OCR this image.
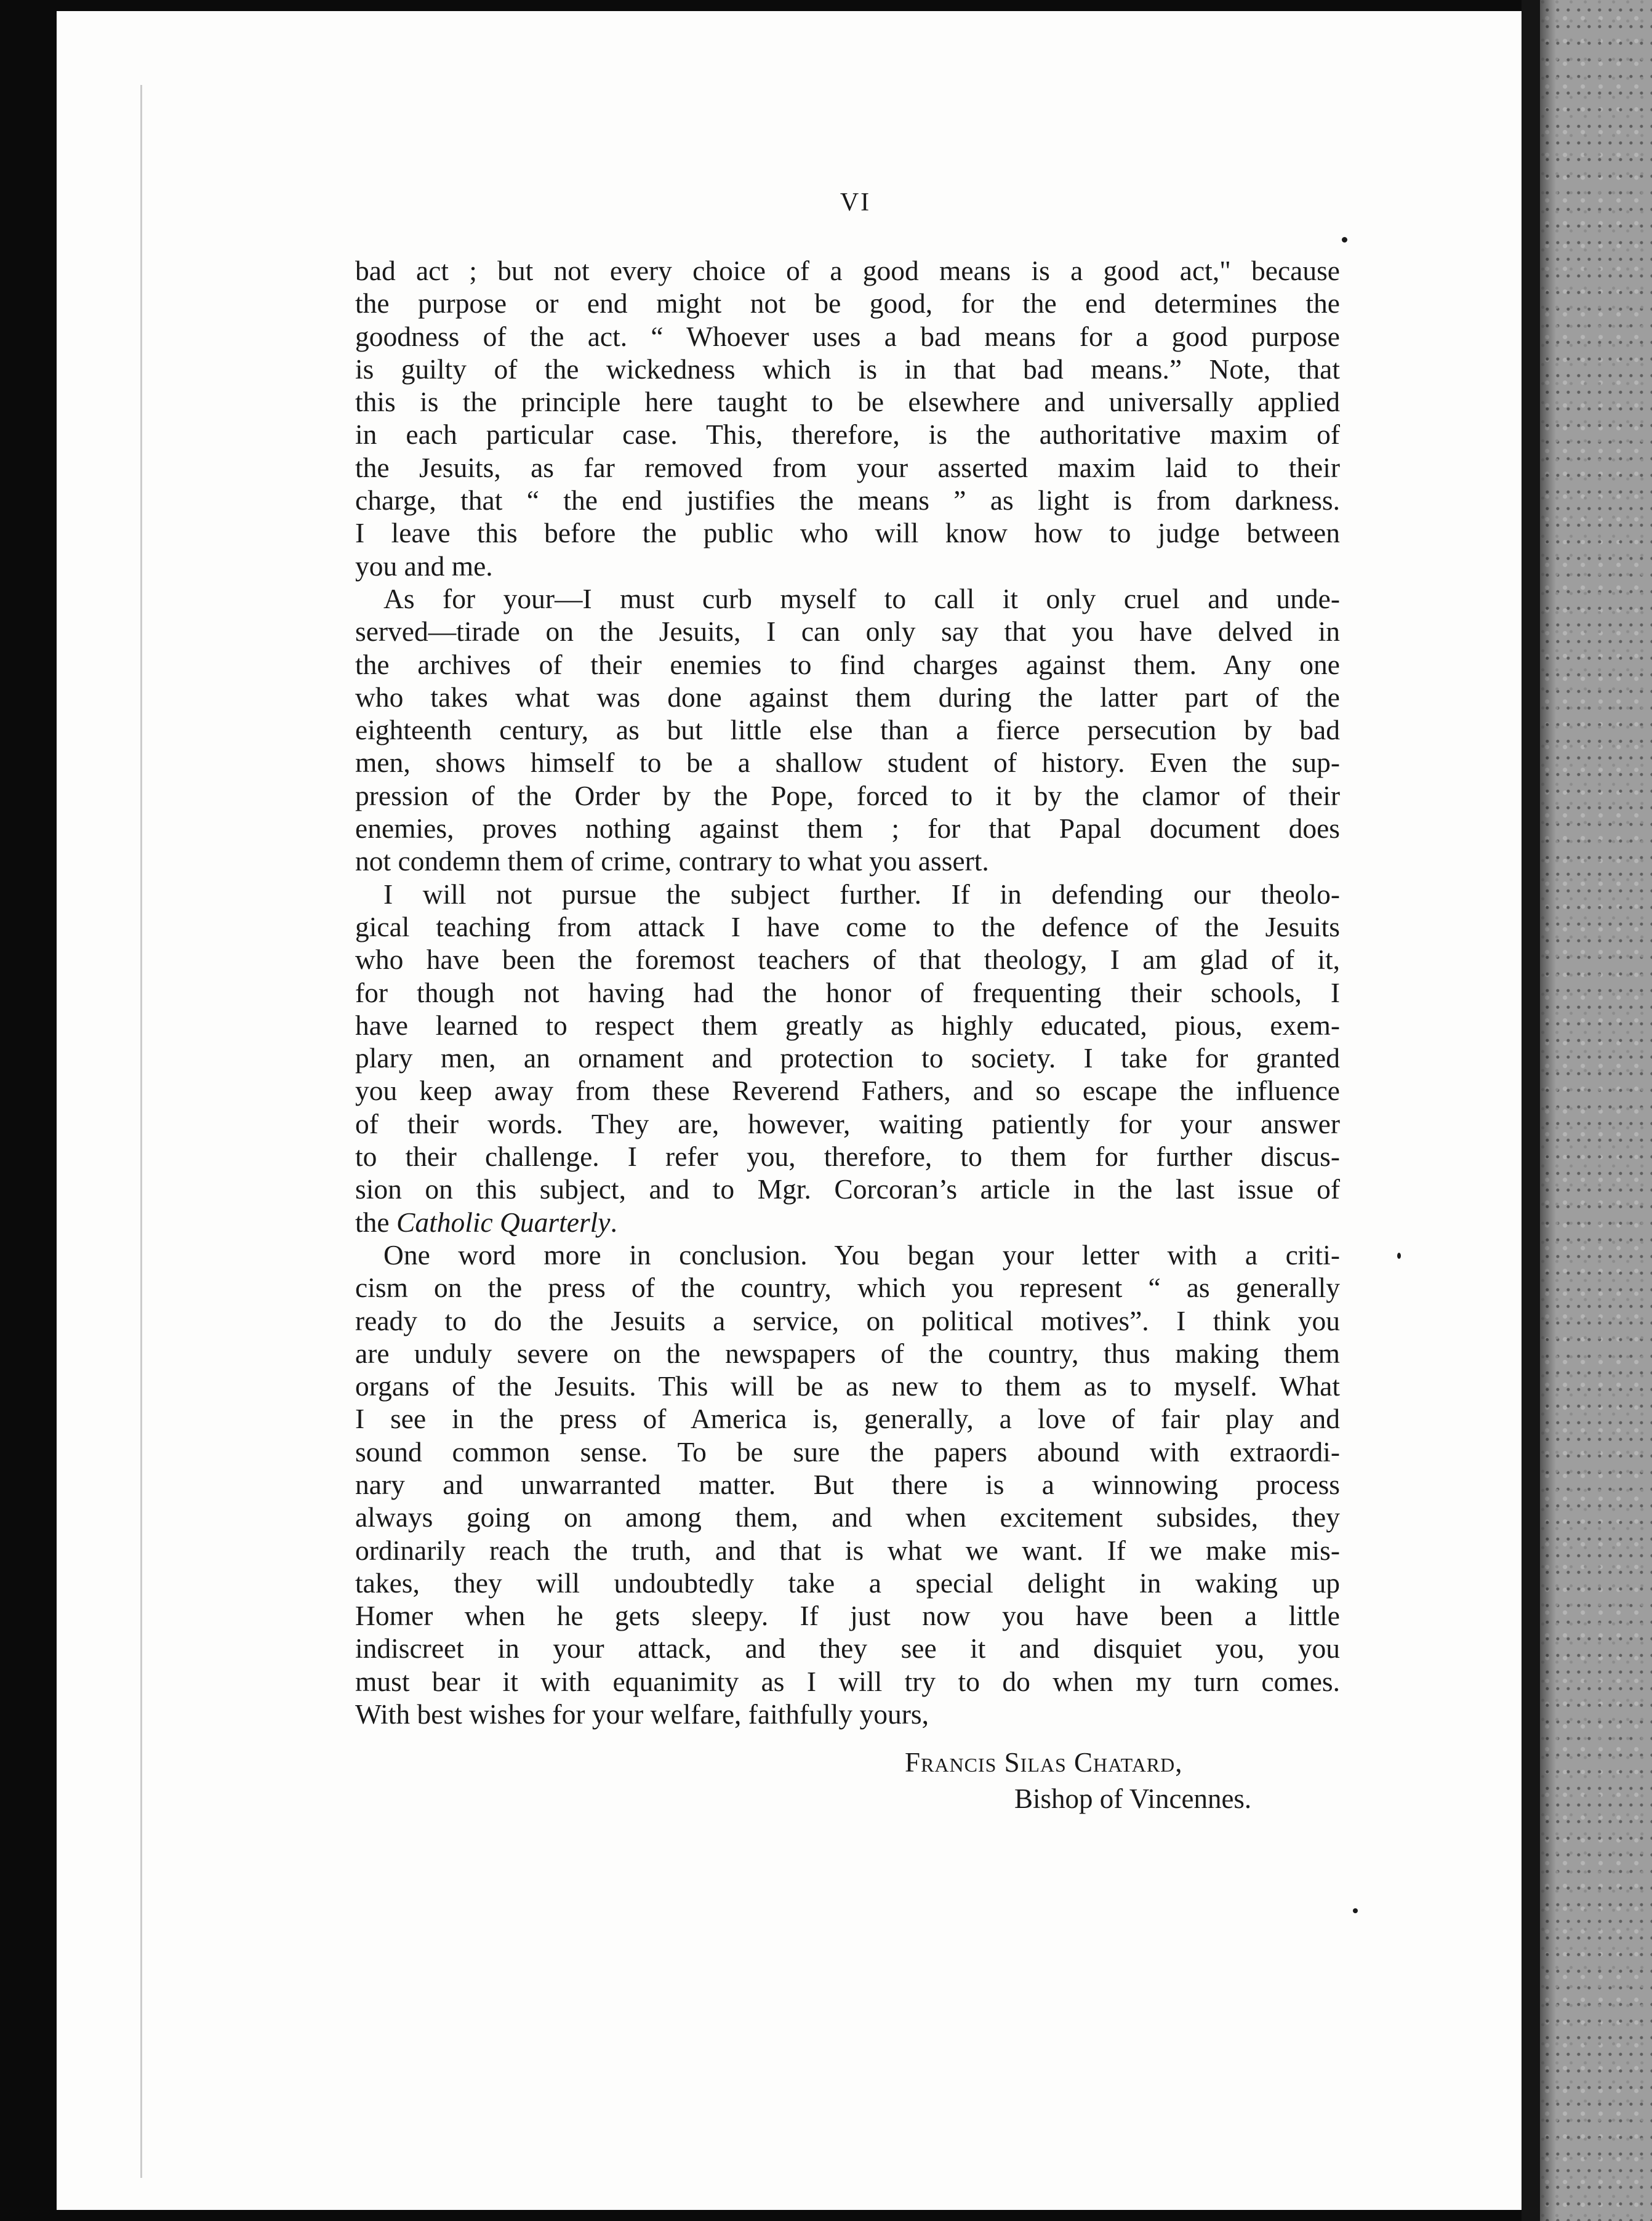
VI

bad act ; but not every choice of a good means is a good act," because

the purpose or end might not be good, for the end determines the

goodness of the act. “ Whoever uses a bad means for a good purpose

is guilty of the wickedness which is in that bad means.” Note, that

this is the principle here taught to be elsewhere and universally applied

in each particular case. This, therefore, is the authoritative maxim of

the Jesuits, as far removed from your asserted maxim laid to their

charge, that “ the end justifies the means ” as light is from darkness.

I leave this before the public who will know how to judge between

you and me.

As for your—I must curb myself to call it only cruel and unde-

served—tirade on the Jesuits, I can only say that you have delved in

the archives of their enemies to find charges against them. Any one

who takes what was done against them during the latter part of the

eighteenth century, as but little else than a fierce persecution by bad

men, shows himself to be a shallow student of history. Even the sup-

pression of the Order by the Pope, forced to it by the clamor of their

enemies, proves nothing against them ; for that Papal document does

not condemn them of crime, contrary to what you assert.

I will not pursue the subject further. If in defending our theolo-

gical teaching from attack I have come to the defence of the Jesuits

who have been the foremost teachers of that theology, I am glad of it,

for though not having had the honor of frequenting their schools, I

have learned to respect them greatly as highly educated, pious, exem-

plary men, an ornament and protection to society. I take for granted

you keep away from these Reverend Fathers, and so escape the influence

of their words. They are, however, waiting patiently for your answer

to their challenge. I refer you, therefore, to them for further discus-

sion on this subject, and to Mgr. Corcoran’s article in the last issue of

the Catholic Quarterly.

One word more in conclusion. You began your letter with a criti-

cism on the press of the country, which you represent “ as generally

ready to do the Jesuits a service, on political motives”. I think you

are unduly severe on the newspapers of the country, thus making them

organs of the Jesuits. This will be as new to them as to myself. What

I see in the press of America is, generally, a love of fair play and

sound common sense. To be sure the papers abound with extraordi-

nary and unwarranted matter. But there is a winnowing process

always going on among them, and when excitement subsides, they

ordinarily reach the truth, and that is what we want. If we make mis-

takes, they will undoubtedly take a special delight in waking up

Homer when he gets sleepy. If just now you have been a little

indiscreet in your attack, and they see it and disquiet you, you

must bear it with equanimity as I will try to do when my turn comes.

With best wishes for your welfare, faithfully yours,

Francis Silas Chatard,
Bishop of Vincennes.
